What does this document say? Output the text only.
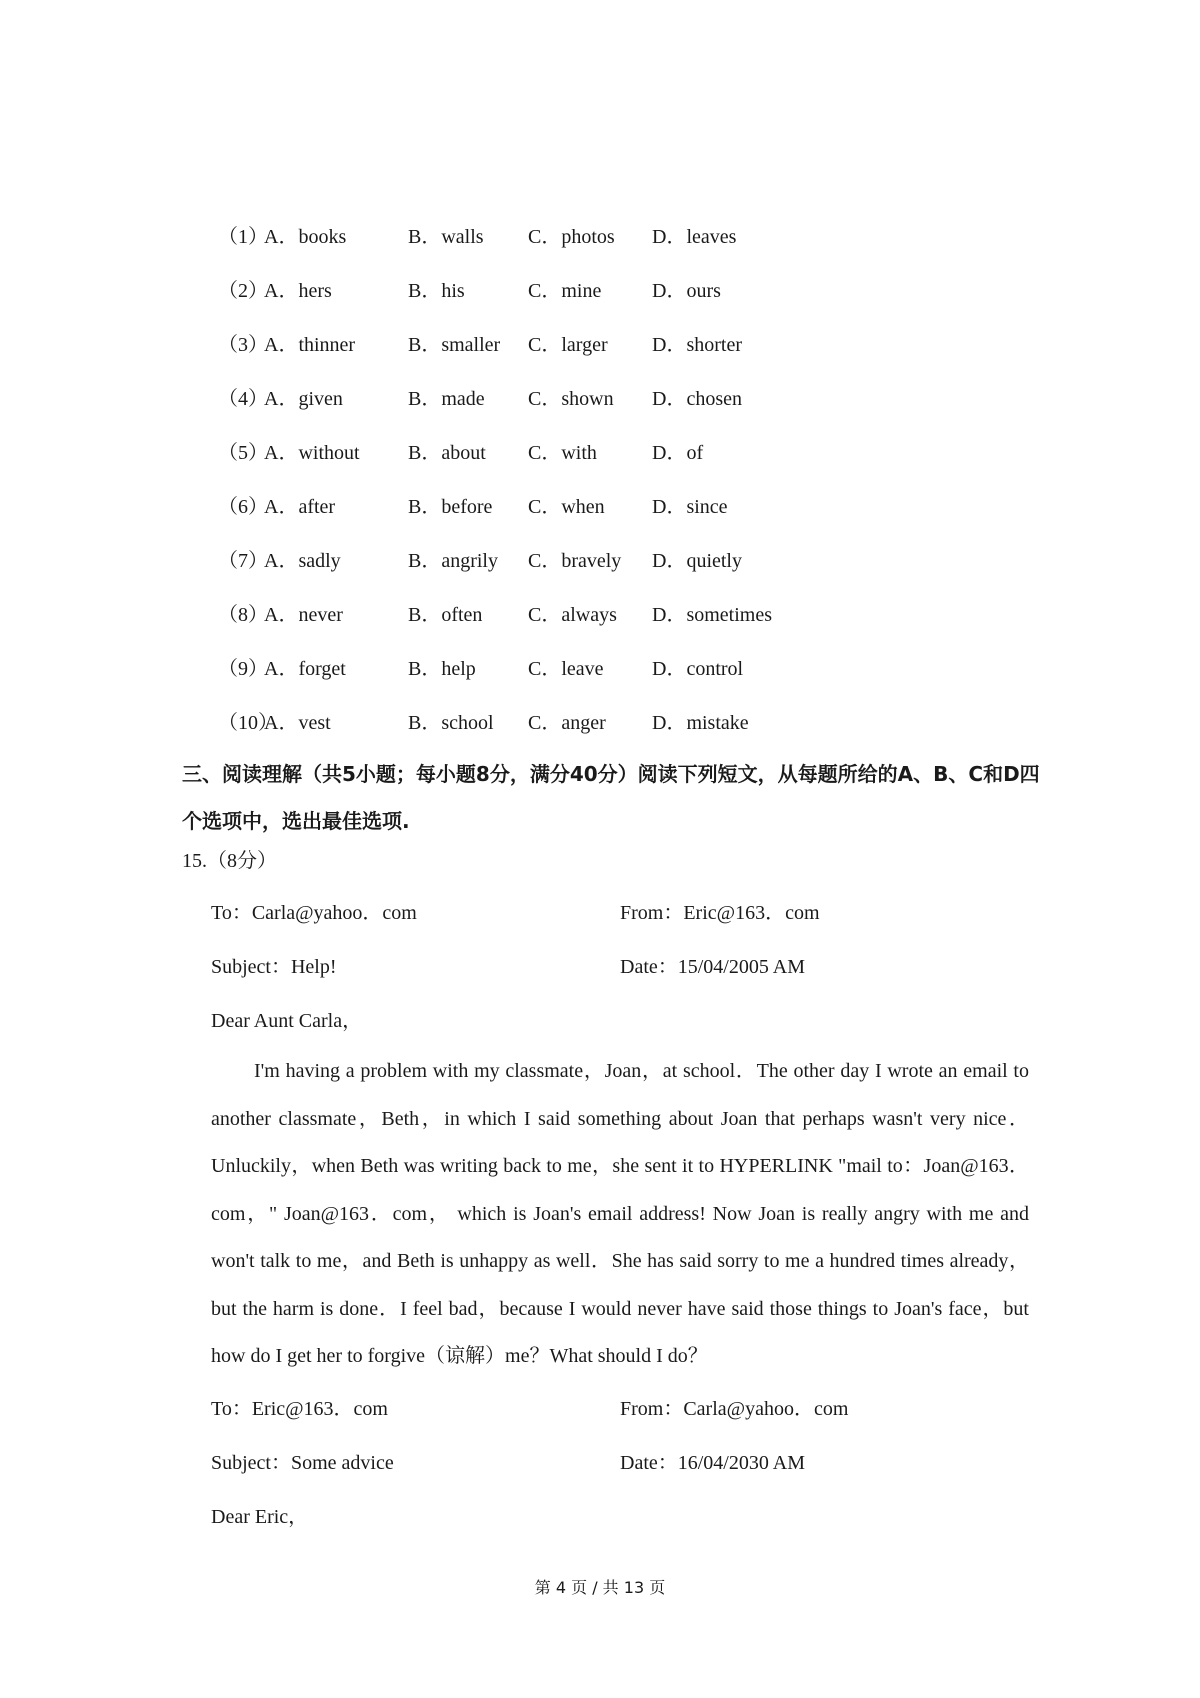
（1）
A．books	B．walls C．photos D．leaves
（2）
A．hers	B．his	C．mine	D．ours
（3）
A．thinner	B．smaller C．larger D．shorter
（4）
A．given	B．made C．shown D．chosen
（5）
A．without B．about C．with	D．of
（6）
A．after	B．before C．when D．since
（7）
A．sadly	B．angrily C．bravely D．quietly
（8）
A．never	B．often C．always D．sometimes
（9）
A．forget	B．help	C．leave D．control
（10）
A．vest	B．school C．anger D．mistake
三、阅读理解（共5小题；每小题8分，满分40分）阅读下列短文，从每题所给的A、B、C和D四个选项中，选出最佳选项.
15.（8分）
To：Carla@yahoo．com	From：Eric@163．com
Subject：Help!	Date：15/04/2005 AM
Dear Aunt Carla，
I'm having a problem with my classmate，Joan，at school．The other day I wrote an email to another classmate，Beth，in which I said something about Joan that perhaps wasn't very nice．Unluckily，when Beth was writing back to me，she sent it to HYPERLINK "mail to：Joan@163．com，" Joan@163．com， which is Joan's email address! Now Joan is really angry with me and won't talk to me，and Beth is unhappy as well．She has said sorry to me a hundred times already，but the harm is done．I feel bad，because I would never have said those things to Joan's face，but how do I get her to forgive（谅解）me？What should I do？
To：Eric@163．com	From：Carla@yahoo．com
Subject：Some advice	Date：16/04/2030 AM
Dear Eric，
第 4 页 / 共 13 页
